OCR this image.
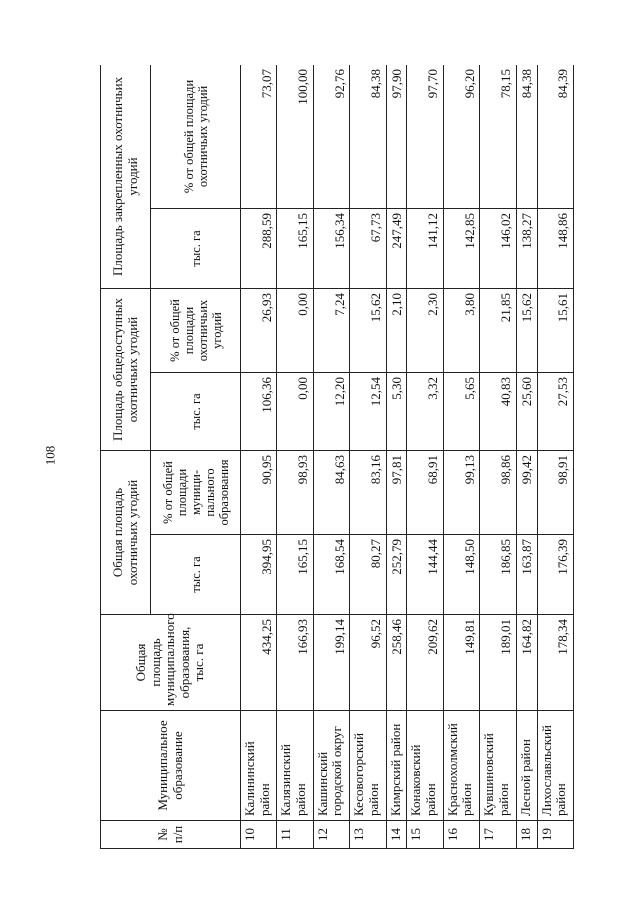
108
№ п/п	Муниципальное образование	Общая площадь муниципального образования, тыс. га	Общая площадь охотничьих угодий		Площадь общедоступных охотничьих угодий		Площадь закрепленных охотничьих угодий	
			тыс. га	% от общей площади муници-пального образования	тыс. га	% от общей площади охотничьих угодий	тыс. га	% от общей площади охотничьих угодий
10	Калининский район	434,25	394,95	90,95	106,36	26,93	288,59	73,07
11	Калязинский район	166,93	165,15	98,93	0,00	0,00	165,15	100,00
12	Кашинский городской округ	199,14	168,54	84,63	12,20	7,24	156,34	92,76
13	Кесовогорский район	96,52	80,27	83,16	12,54	15,62	67,73	84,38
14	Кимрский район	258,46	252,79	97,81	5,30	2,10	247,49	97,90
15	Конаковский район	209,62	144,44	68,91	3,32	2,30	141,12	97,70
16	Краснохолмский район	149,81	148,50	99,13	5,65	3,80	142,85	96,20
17	Кувшиновский район	189,01	186,85	98,86	40,83	21,85	146,02	78,15
18	Лесной район	164,82	163,87	99,42	25,60	15,62	138,27	84,38
19	Лихославльский район	178,34	176,39	98,91	27,53	15,61	148,86	84,39
